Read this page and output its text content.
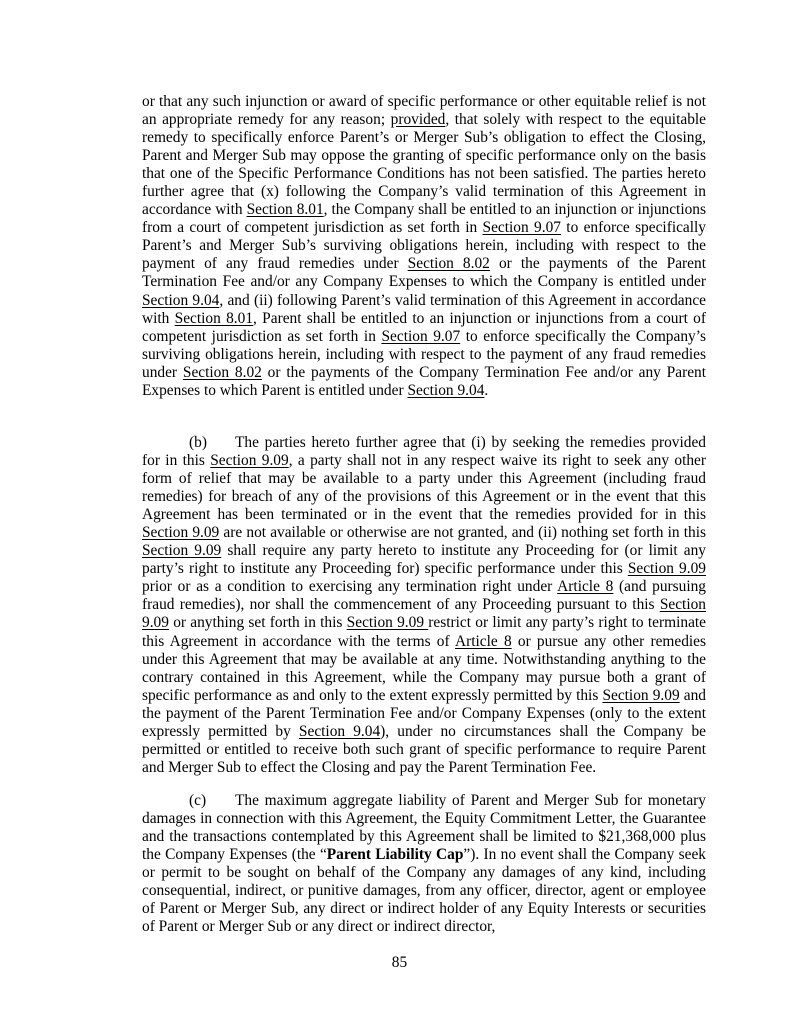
or that any such injunction or award of specific performance or other equitable relief is not an appropriate remedy for any reason; provided, that solely with respect to the equitable remedy to specifically enforce Parent’s or Merger Sub’s obligation to effect the Closing, Parent and Merger Sub may oppose the granting of specific performance only on the basis that one of the Specific Performance Conditions has not been satisfied. The parties hereto further agree that (x) following the Company’s valid termination of this Agreement in accordance with Section 8.01, the Company shall be entitled to an injunction or injunctions from a court of competent jurisdiction as set forth in Section 9.07 to enforce specifically Parent’s and Merger Sub’s surviving obligations herein, including with respect to the payment of any fraud remedies under Section 8.02 or the payments of the Parent Termination Fee and/or any Company Expenses to which the Company is entitled under Section 9.04, and (ii) following Parent’s valid termination of this Agreement in accordance with Section 8.01, Parent shall be entitled to an injunction or injunctions from a court of competent jurisdiction as set forth in Section 9.07 to enforce specifically the Company’s surviving obligations herein, including with respect to the payment of any fraud remedies under Section 8.02 or the payments of the Company Termination Fee and/or any Parent Expenses to which Parent is entitled under Section 9.04.

(b) The parties hereto further agree that (i) by seeking the remedies provided for in this Section 9.09, a party shall not in any respect waive its right to seek any other form of relief that may be available to a party under this Agreement (including fraud remedies) for breach of any of the provisions of this Agreement or in the event that this Agreement has been terminated or in the event that the remedies provided for in this Section 9.09 are not available or otherwise are not granted, and (ii) nothing set forth in this Section 9.09 shall require any party hereto to institute any Proceeding for (or limit any party’s right to institute any Proceeding for) specific performance under this Section 9.09 prior or as a condition to exercising any termination right under Article 8 (and pursuing fraud remedies), nor shall the commencement of any Proceeding pursuant to this Section 9.09 or anything set forth in this Section 9.09 restrict or limit any party’s right to terminate this Agreement in accordance with the terms of Article 8 or pursue any other remedies under this Agreement that may be available at any time. Notwithstanding anything to the contrary contained in this Agreement, while the Company may pursue both a grant of specific performance as and only to the extent expressly permitted by this Section 9.09 and the payment of the Parent Termination Fee and/or Company Expenses (only to the extent expressly permitted by Section 9.04), under no circumstances shall the Company be permitted or entitled to receive both such grant of specific performance to require Parent and Merger Sub to effect the Closing and pay the Parent Termination Fee.

(c) The maximum aggregate liability of Parent and Merger Sub for monetary damages in connection with this Agreement, the Equity Commitment Letter, the Guarantee and the transactions contemplated by this Agreement shall be limited to $21,368,000 plus the Company Expenses (the “Parent Liability Cap”). In no event shall the Company seek or permit to be sought on behalf of the Company any damages of any kind, including consequential, indirect, or punitive damages, from any officer, director, agent or employee of Parent or Merger Sub, any direct or indirect holder of any Equity Interests or securities of Parent or Merger Sub or any direct or indirect director,

85
